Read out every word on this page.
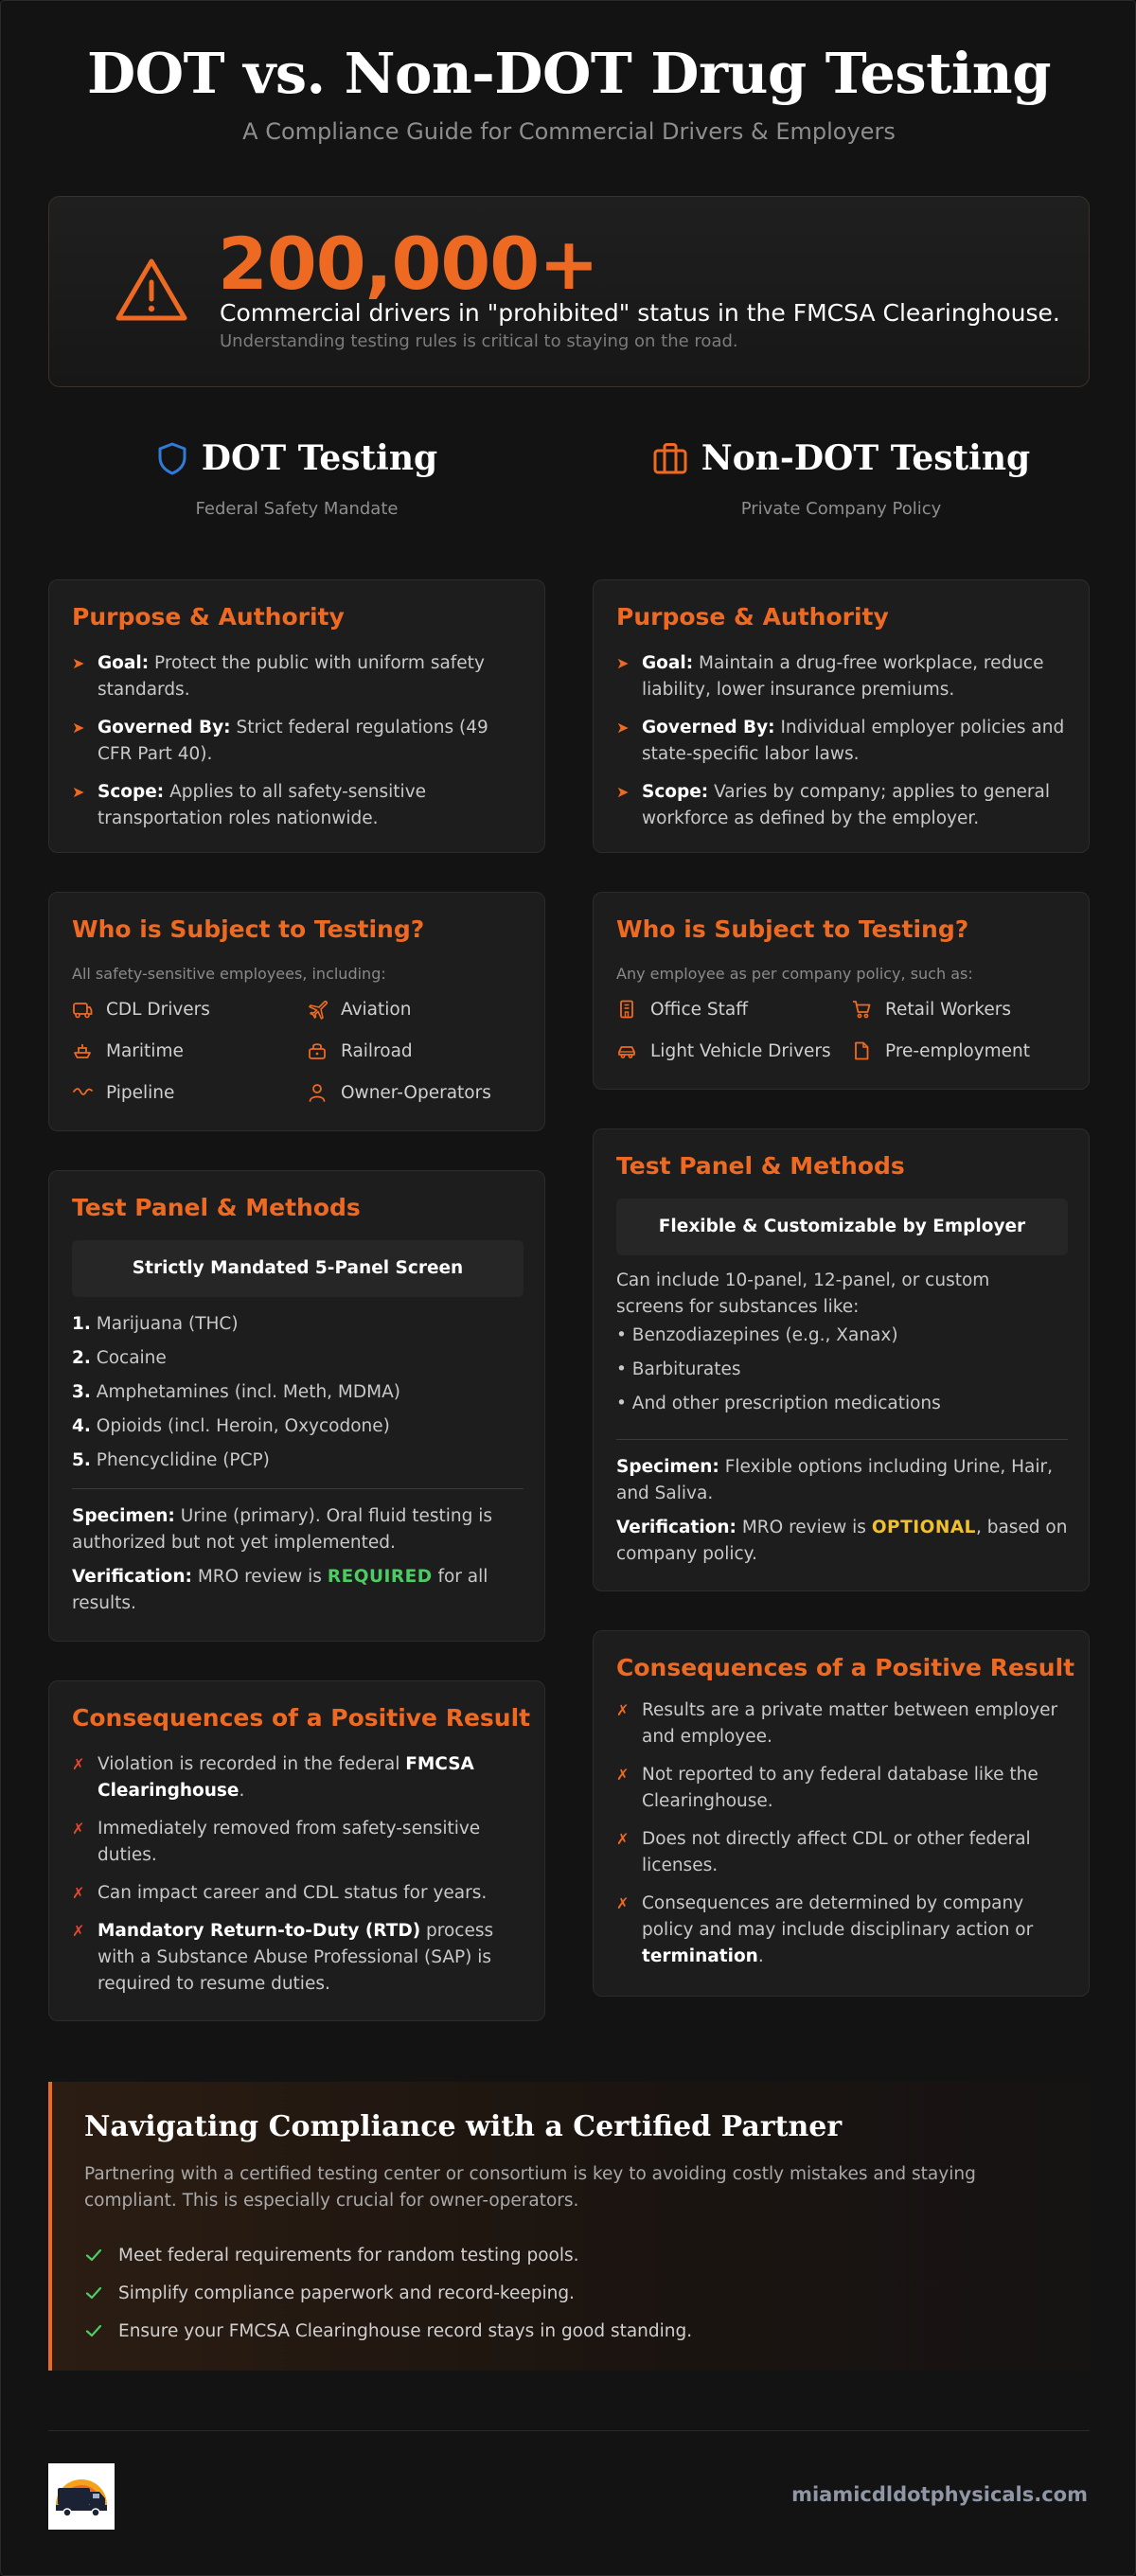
DOT vs. Non-DOT Drug Testing
A Compliance Guide for Commercial Drivers & Employers
200,000+
Commercial drivers in "prohibited" status in the FMCSA Clearinghouse.
Understanding testing rules is critical to staying on the road.
DOT Testing
Federal Safety Mandate
Non-DOT Testing
Private Company Policy
Purpose & Authority
➤ Goal: Protect the public with uniform safety standards.
➤ Governed By: Strict federal regulations (49 CFR Part 40).
➤ Scope: Applies to all safety-sensitive transportation roles nationwide.
Who is Subject to Testing?
All safety-sensitive employees, including:
CDL Drivers	Aviation
Maritime	Railroad
Pipeline	Owner-Operators
Test Panel & Methods
Strictly Mandated 5-Panel Screen
1. Marijuana (THC)
2. Cocaine
3. Amphetamines (incl. Meth, MDMA)
4. Opioids (incl. Heroin, Oxycodone)
5. Phencyclidine (PCP)
Specimen: Urine (primary). Oral fluid testing is authorized but not yet implemented.
Verification: MRO review is REQUIRED for all results.
Consequences of a Positive Result
✗ Violation is recorded in the federal FMCSA Clearinghouse.
✗ Immediately removed from safety-sensitive duties.
✗ Can impact career and CDL status for years.
✗ Mandatory Return-to-Duty (RTD) process with a Substance Abuse Professional (SAP) is required to resume duties.
Purpose & Authority
➤ Goal: Maintain a drug-free workplace, reduce liability, lower insurance premiums.
➤ Governed By: Individual employer policies and state-specific labor laws.
➤ Scope: Varies by company; applies to general workforce as defined by the employer.
Who is Subject to Testing?
Any employee as per company policy, such as:
Office Staff	Retail Workers
Light Vehicle Drivers	Pre-employment
Test Panel & Methods
Flexible & Customizable by Employer
Can include 10-panel, 12-panel, or custom screens for substances like:
• Benzodiazepines (e.g., Xanax)
• Barbiturates
• And other prescription medications
Specimen: Flexible options including Urine, Hair, and Saliva.
Verification: MRO review is OPTIONAL, based on company policy.
Consequences of a Positive Result
✗ Results are a private matter between employer and employee.
✗ Not reported to any federal database like the Clearinghouse.
✗ Does not directly affect CDL or other federal licenses.
✗ Consequences are determined by company policy and may include disciplinary action or termination.
Navigating Compliance with a Certified Partner
Partnering with a certified testing center or consortium is key to avoiding costly mistakes and staying compliant. This is especially crucial for owner-operators.
Meet federal requirements for random testing pools.
Simplify compliance paperwork and record-keeping.
Ensure your FMCSA Clearinghouse record stays in good standing.
miamicdldotphysicals.com
